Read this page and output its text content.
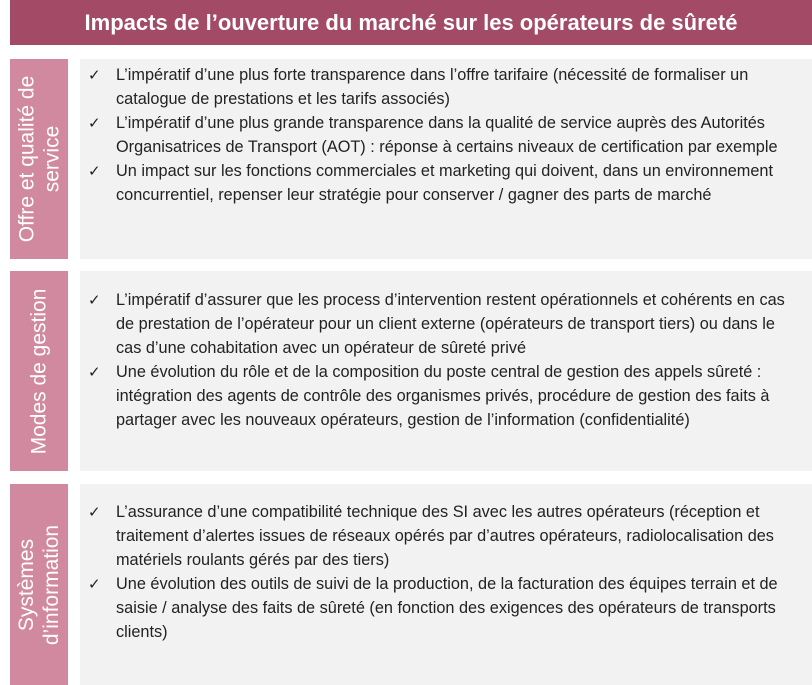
Impacts de l’ouverture du marché sur les opérateurs de sûreté
Offre et qualité de service
✓ L’impératif d’une plus forte transparence dans l’offre tarifaire (nécessité de formaliser un catalogue de prestations et les tarifs associés)
✓ L’impératif d’une plus grande transparence dans la qualité de service auprès des Autorités Organisatrices de Transport (AOT) : réponse à certains niveaux de certification par exemple
✓ Un impact sur les fonctions commerciales et marketing qui doivent, dans un environnement concurrentiel, repenser leur stratégie pour conserver / gagner des parts de marché
Modes de gestion	✓ L’impératif d’assurer que les process d’intervention restent opérationnels et cohérents en cas de prestation de l’opérateur pour un client externe (opérateurs de transport tiers) ou dans le cas d’une cohabitation avec un opérateur de sûreté privé
✓ Une évolution du rôle et de la composition du poste central de gestion des appels sûreté : intégration des agents de contrôle des organismes privés, procédure de gestion des faits à partager avec les nouveaux opérateurs, gestion de l’information (confidentialité)
Systèmes d’information
✓ L’assurance d’une compatibilité technique des SI avec les autres opérateurs (réception et traitement d’alertes issues de réseaux opérés par d’autres opérateurs, radiolocalisation des matériels roulants gérés par des tiers)
✓ Une évolution des outils de suivi de la production, de la facturation des équipes terrain et de saisie / analyse des faits de sûreté (en fonction des exigences des opérateurs de transports clients)
